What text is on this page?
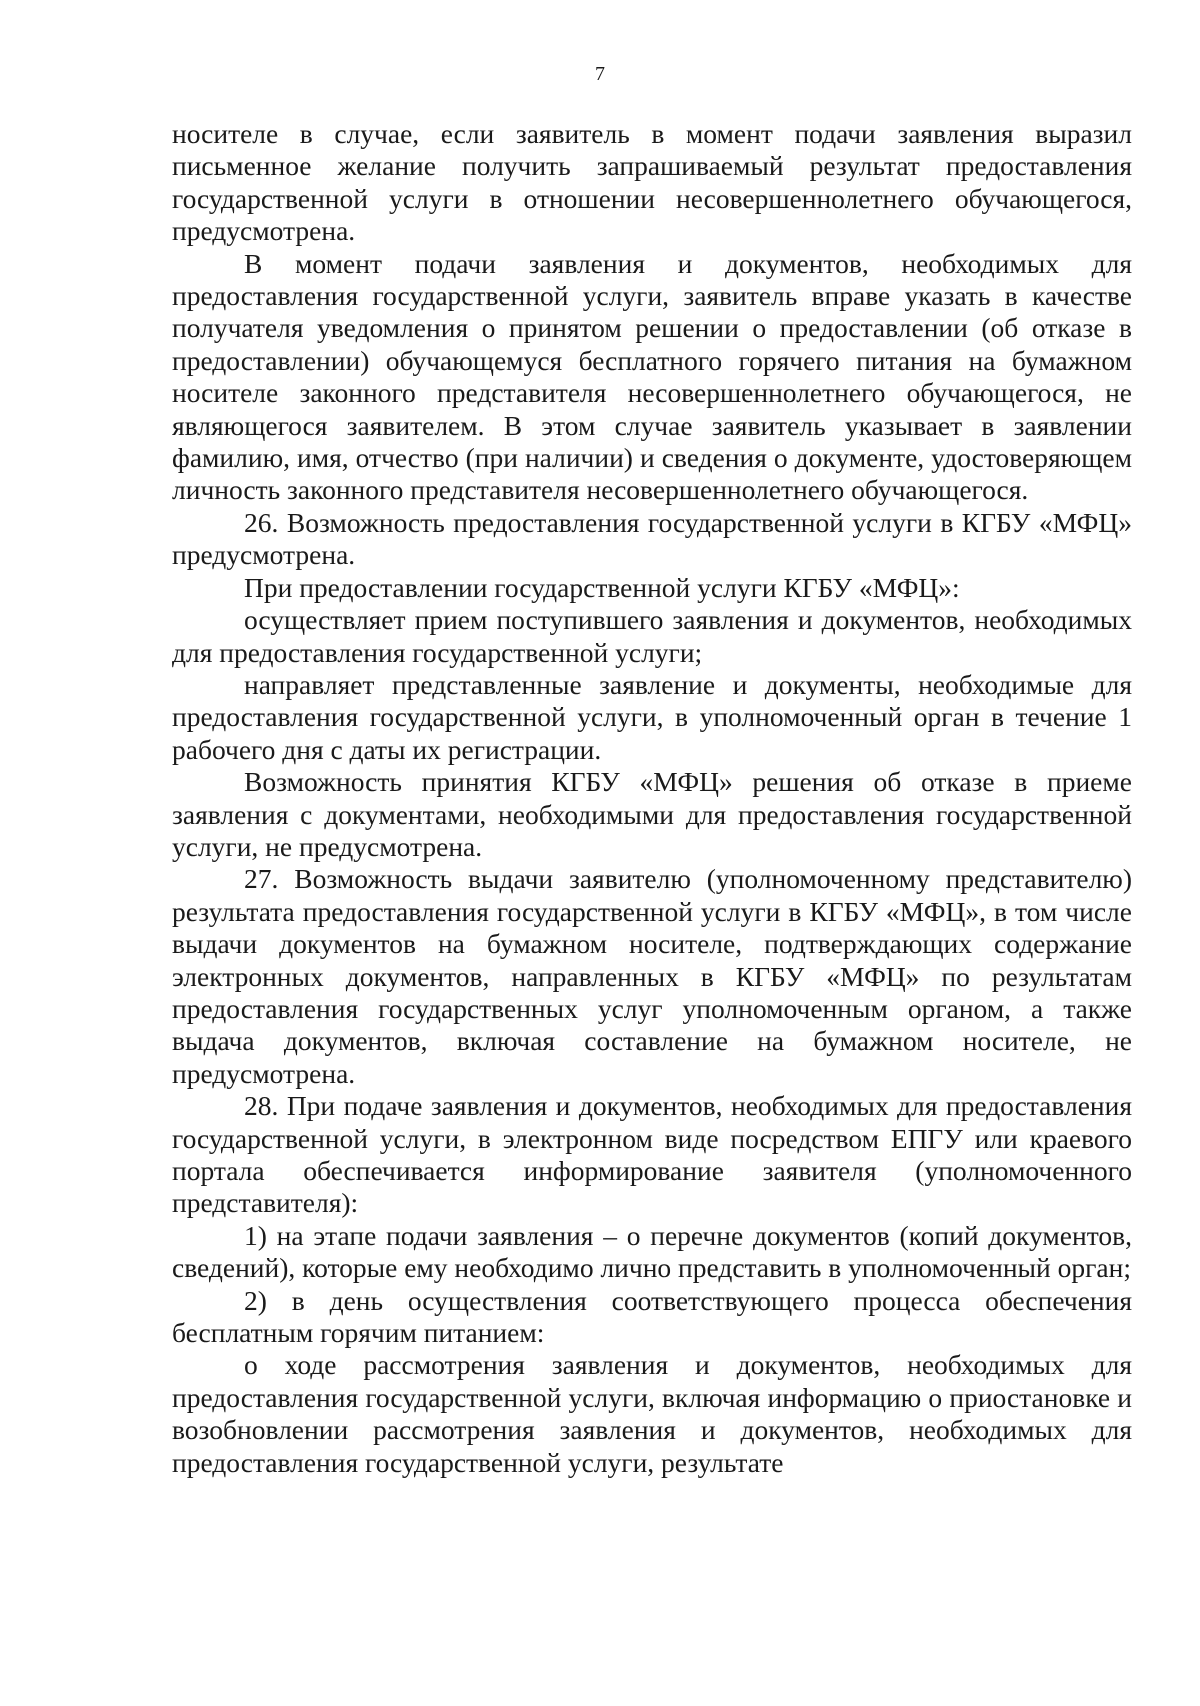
7

носителе в случае, если заявитель в момент подачи заявления выразил письменное желание получить запрашиваемый результат предоставления государственной услуги в отношении несовершеннолетнего обучающегося, предусмотрена.

В момент подачи заявления и документов, необходимых для предоставления государственной услуги, заявитель вправе указать в качестве получателя уведомления о принятом решении о предоставлении (об отказе в предоставлении) обучающемуся бесплатного горячего питания на бумажном носителе законного представителя несовершеннолетнего обучающегося, не являющегося заявителем. В этом случае заявитель указывает в заявлении фамилию, имя, отчество (при наличии) и сведения о документе, удостоверяющем личность законного представителя несовершеннолетнего обучающегося.

26. Возможность предоставления государственной услуги в КГБУ «МФЦ» предусмотрена.

При предоставлении государственной услуги КГБУ «МФЦ»:

осуществляет прием поступившего заявления и документов, необходимых для предоставления государственной услуги;

направляет представленные заявление и документы, необходимые для предоставления государственной услуги, в уполномоченный орган в течение 1 рабочего дня с даты их регистрации.

Возможность принятия КГБУ «МФЦ» решения об отказе в приеме заявления с документами, необходимыми для предоставления государственной услуги, не предусмотрена.

27. Возможность выдачи заявителю (уполномоченному представителю) результата предоставления государственной услуги в КГБУ «МФЦ», в том числе выдачи документов на бумажном носителе, подтверждающих содержание электронных документов, направленных в КГБУ «МФЦ» по результатам предоставления государственных услуг уполномоченным органом, а также выдача документов, включая составление на бумажном носителе, не предусмотрена.

28. При подаче заявления и документов, необходимых для предоставления государственной услуги, в электронном виде посредством ЕПГУ или краевого портала обеспечивается информирование заявителя (уполномоченного представителя):

1) на этапе подачи заявления – о перечне документов (копий документов, сведений), которые ему необходимо лично представить в уполномоченный орган;

2) в день осуществления соответствующего процесса обеспечения бесплатным горячим питанием:

о ходе рассмотрения заявления и документов, необходимых для предоставления государственной услуги, включая информацию о приостановке и возобновлении рассмотрения заявления и документов, необходимых для предоставления государственной услуги, результате
